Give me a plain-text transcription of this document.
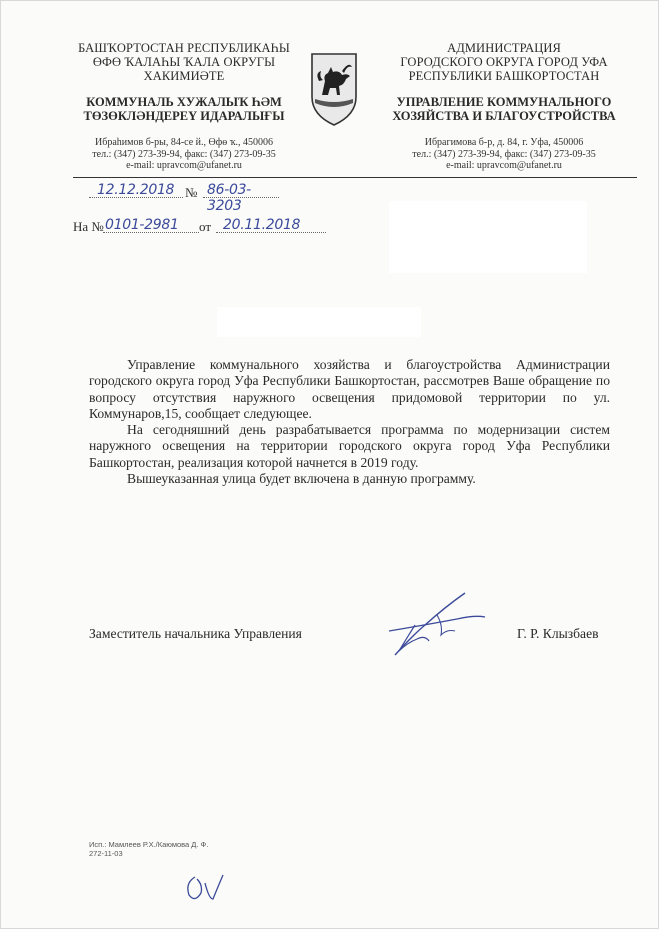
БАШҠОРТОСТАН РЕСПУБЛИКАҺЫ
ӨФӨ ҠАЛАҺЫ ҠАЛА ОКРУГЫ
ХАКИМИӘТЕ
КОММУНАЛЬ ХУЖАЛЫҠ ҺӘМ
ТӨЗӨКЛӘНДЕРЕҮ ИДАРАЛЫҒЫ
Ибраһимов б-ры, 84-се й., Өфө ҡ., 450006
тел.: (347) 273-39-94, факс: (347) 273-09-35
e-mail: upravcom@ufanet.ru
АДМИНИСТРАЦИЯ
ГОРОДСКОГО ОКРУГА ГОРОД УФА
РЕСПУБЛИКИ БАШКОРТОСТАН
УПРАВЛЕНИЕ КОММУНАЛЬНОГО
ХОЗЯЙСТВА И БЛАГОУСТРОЙСТВА
Ибрагимова б-р, д. 84, г. Уфа, 450006
тел.: (347) 273-39-94, факс: (347) 273-09-35
e-mail: upravcom@ufanet.ru
12.12.2018 № 86-03-3203
На № 0101-2981 от 20.11.2018

Управление коммунального хозяйства и благоустройства Администрации городского округа город Уфа Республики Башкортостан, рассмотрев Ваше обращение по вопросу отсутствия наружного освещения придомовой территории по ул. Коммунаров,15, сообщает следующее.

На сегодняшний день разрабатывается программа по модернизации систем наружного освещения на территории городского округа город Уфа Республики Башкортостан, реализация которой начнется в 2019 году.

Вышеуказанная улица будет включена в данную программу.

Заместитель начальника Управления	Г. Р. Клызбаев
Исп.: Мамлеев Р.Х./Каюмова Д. Ф.
272-11-03
